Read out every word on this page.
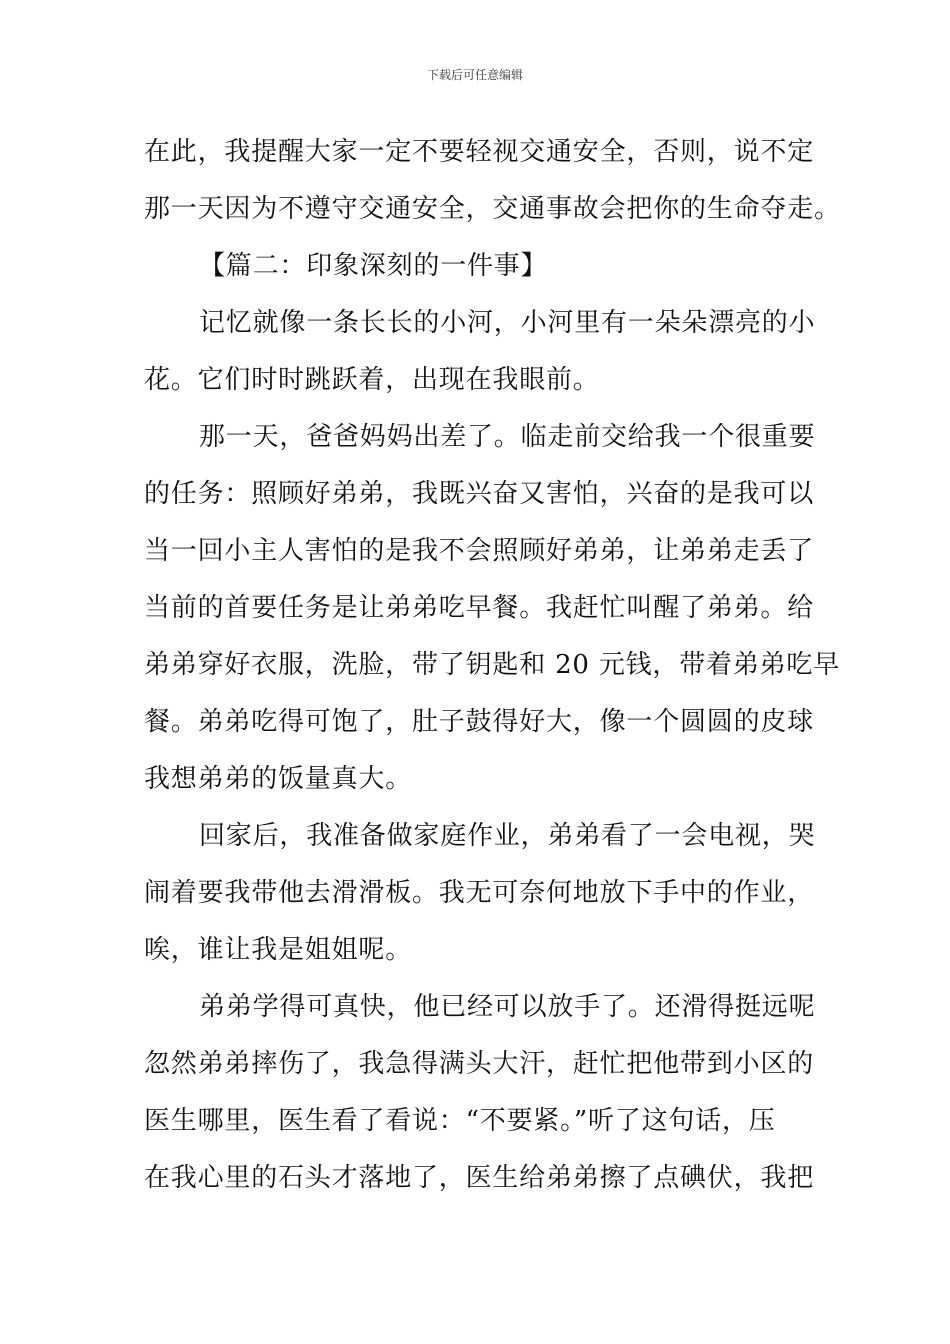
下载后可任意编辑
在此，我提醒大家一定不要轻视交通安全，否则，说不定
那一天因为不遵守交通安全，交通事故会把你的生命夺走。
【篇二：印象深刻的一件事】
记忆就像一条长长的小河，小河里有一朵朵漂亮的小
花。它们时时跳跃着，出现在我眼前。
那一天，爸爸妈妈出差了。临走前交给我一个很重要
的任务：照顾好弟弟，我既兴奋又害怕，兴奋的是我可以
当一回小主人害怕的是我不会照顾好弟弟，让弟弟走丢了
当前的首要任务是让弟弟吃早餐。我赶忙叫醒了弟弟。给
弟弟穿好衣服，洗脸，带了钥匙和 20 元钱，带着弟弟吃早
餐。弟弟吃得可饱了，肚子鼓得好大，像一个圆圆的皮球
我想弟弟的饭量真大。
回家后，我准备做家庭作业，弟弟看了一会电视，哭
闹着要我带他去滑滑板。我无可奈何地放下手中的作业，
唉，谁让我是姐姐呢。
弟弟学得可真快，他已经可以放手了。还滑得挺远呢
忽然弟弟摔伤了，我急得满头大汗，赶忙把他带到小区的
医生哪里，医生看了看说：“不要紧。”听了这句话，压
在我心里的石头才落地了，医生给弟弟擦了点碘伏，我把
